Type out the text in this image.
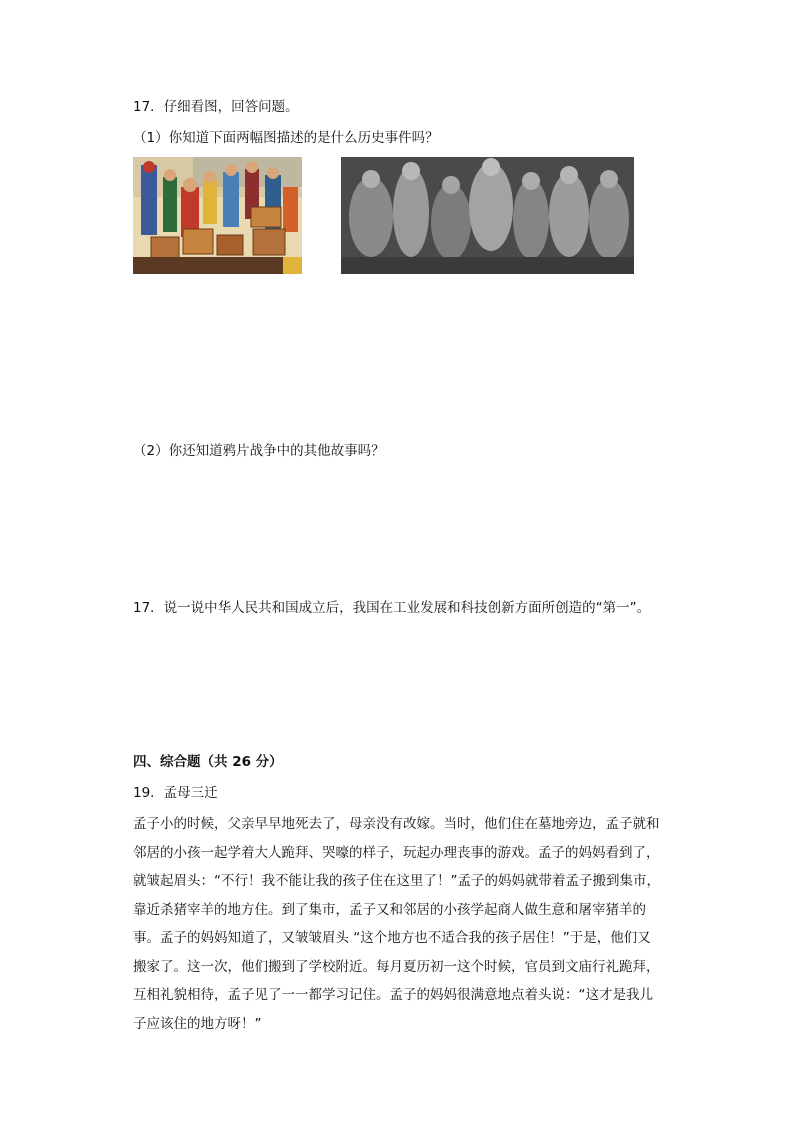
17．仔细看图，回答问题。
（1）你知道下面两幅图描述的是什么历史事件吗？
（2）你还知道鸦片战争中的其他故事吗？
17．说一说中华人民共和国成立后，我国在工业发展和科技创新方面所创造的“第一”。
四、综合题（共 26 分）
19．孟母三迁
孟子小的时候，父亲早早地死去了，母亲没有改嫁。当时，他们住在墓地旁边，孟子就和邻居的小孩一起学着大人跪拜、哭嚎的样子，玩起办理丧事的游戏。孟子的妈妈看到了，就皱起眉头：“不行！我不能让我的孩子住在这里了！”孟子的妈妈就带着孟子搬到集市，靠近杀猪宰羊的地方住。到了集市，孟子又和邻居的小孩学起商人做生意和屠宰猪羊的事。孟子的妈妈知道了，又皱皱眉头 “这个地方也不适合我的孩子居住！”于是，他们又搬家了。这一次，他们搬到了学校附近。每月夏历初一这个时候，官员到文庙行礼跪拜，互相礼貌相待，孟子见了一一都学习记住。孟子的妈妈很满意地点着头说：“这才是我儿子应该住的地方呀！”
